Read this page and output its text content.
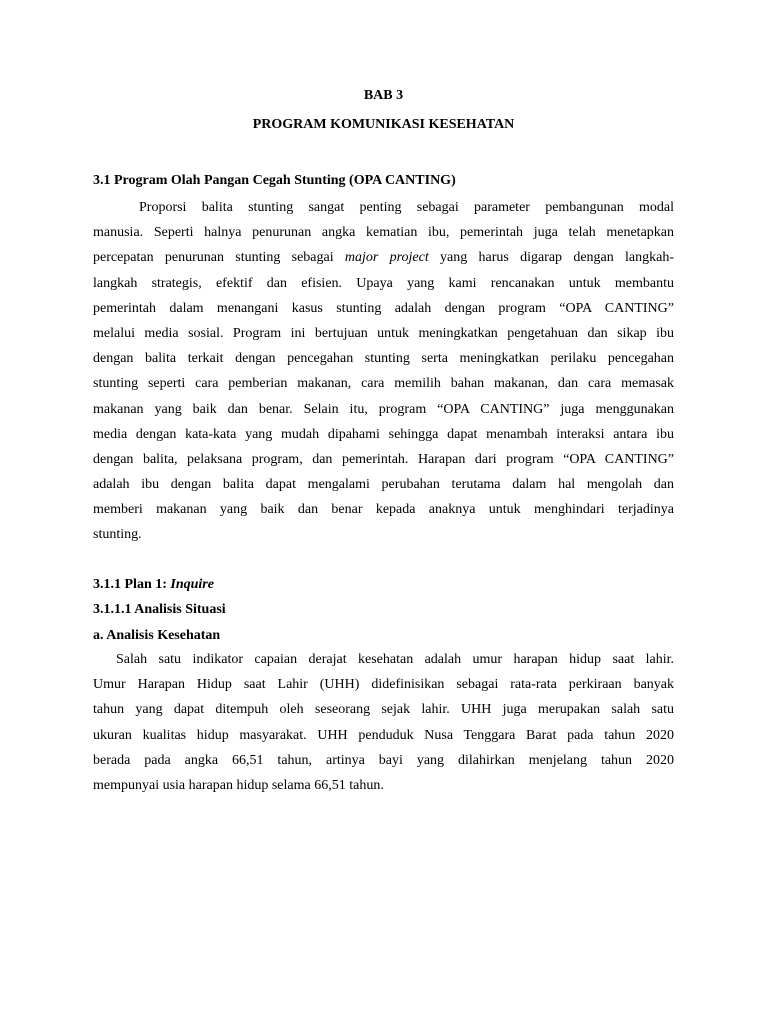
BAB 3
PROGRAM KOMUNIKASI KESEHATAN
3.1 Program Olah Pangan Cegah Stunting (OPA CANTING)
Proporsi balita stunting sangat penting sebagai parameter pembangunan modal
manusia. Seperti halnya penurunan angka kematian ibu, pemerintah juga telah menetapkan
percepatan penurunan stunting sebagai major project yang harus digarap dengan langkah-
langkah strategis, efektif dan efisien. Upaya yang kami rencanakan untuk membantu
pemerintah dalam menangani kasus stunting adalah dengan program “OPA CANTING”
melalui media sosial. Program ini bertujuan untuk meningkatkan pengetahuan dan sikap ibu
dengan balita terkait dengan pencegahan stunting serta meningkatkan perilaku pencegahan
stunting seperti cara pemberian makanan, cara memilih bahan makanan, dan cara memasak
makanan yang baik dan benar. Selain itu, program “OPA CANTING” juga menggunakan
media dengan kata-kata yang mudah dipahami sehingga dapat menambah interaksi antara ibu
dengan balita, pelaksana program, dan pemerintah. Harapan dari program “OPA CANTING”
adalah ibu dengan balita dapat mengalami perubahan terutama dalam hal mengolah dan
memberi makanan yang baik dan benar kepada anaknya untuk menghindari terjadinya
stunting.
3.1.1 Plan 1: Inquire
3.1.1.1 Analisis Situasi
a. Analisis Kesehatan
Salah satu indikator capaian derajat kesehatan adalah umur harapan hidup saat lahir.
Umur Harapan Hidup saat Lahir (UHH) didefinisikan sebagai rata-rata perkiraan banyak
tahun yang dapat ditempuh oleh seseorang sejak lahir. UHH juga merupakan salah satu
ukuran kualitas hidup masyarakat. UHH penduduk Nusa Tenggara Barat pada tahun 2020
berada pada angka 66,51 tahun, artinya bayi yang dilahirkan menjelang tahun 2020
mempunyai usia harapan hidup selama 66,51 tahun.
